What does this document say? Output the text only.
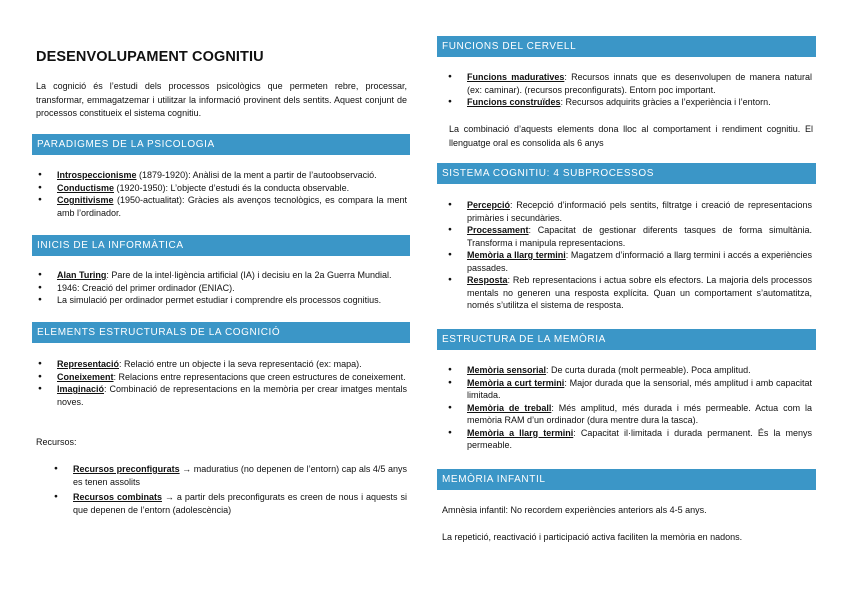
DESENVOLUPAMENT COGNITIU

La cognició és l’estudi dels processos psicològics que permeten rebre, processar, transformar, emmagatzemar i utilitzar la informació provinent dels sentits. Aquest conjunt de processos constitueix el sistema cognitiu.

PARADIGMES DE LA PSICOLOGIA
● Introspeccionisme (1879-1920): Anàlisi de la ment a partir de l’autoobservació.
● Conductisme (1920-1950): L’objecte d’estudi és la conducta observable.
● Cognitivisme (1950-actualitat): Gràcies als avenços tecnològics, es compara la ment amb l’ordinador.
INICIS DE LA INFORMÀTICA
● Alan Turing: Pare de la intel·ligència artificial (IA) i decisiu en la 2a Guerra Mundial.
● 1946: Creació del primer ordinador (ENIAC).
● La simulació per ordinador permet estudiar i comprendre els processos cognitius.
ELEMENTS ESTRUCTURALS DE LA COGNICIÓ
● Representació: Relació entre un objecte i la seva representació (ex: mapa).
● Coneixement: Relacions entre representacions que creen estructures de coneixement.
● Imaginació: Combinació de representacions en la memòria per crear imatges mentals noves.

Recursos:

● Recursos preconfigurats → maduratius (no depenen de l’entorn) cap als 4/5 anys es tenen assolits
● Recursos combinats → a partir dels preconfigurats es creen de nous i aquests si que depenen de l’entorn (adolescència)
FUNCIONS DEL CERVELL
● Funcions maduratives: Recursos innats que es desenvolupen de manera natural (ex: caminar). (recursos preconfigurats). Entorn poc important.
● Funcions construïdes: Recursos adquirits gràcies a l’experiència i l’entorn.

La combinació d’aquests elements dona lloc al comportament i rendiment cognitiu. El llenguatge oral es consolida als 6 anys

SISTEMA COGNITIU: 4 SUBPROCESSOS
● Percepció: Recepció d’informació pels sentits, filtratge i creació de representacions primàries i secundàries.
● Processament: Capacitat de gestionar diferents tasques de forma simultània. Transforma i manipula representacions.
● Memòria a llarg termini: Magatzem d’informació a llarg termini i accés a experiències passades.
● Resposta: Reb representacions i actua sobre els efectors. La majoria dels processos mentals no generen una resposta explícita. Quan un comportament s’automatitza, només s’utilitza el sistema de resposta.
ESTRUCTURA DE LA MEMÒRIA
● Memòria sensorial: De curta durada (molt permeable). Poca amplitud.
● Memòria a curt termini: Major durada que la sensorial, més amplitud i amb capacitat limitada.
● Memòria de treball: Més amplitud, més durada i més permeable. Actua com la memòria RAM d’un ordinador (dura mentre dura la tasca).
● Memòria a llarg termini: Capacitat il·limitada i durada permanent. És la menys permeable.
MEMÒRIA INFANTIL

Amnèsia infantil: No recordem experiències anteriors als 4-5 anys.

La repetició, reactivació i participació activa faciliten la memòria en nadons.
